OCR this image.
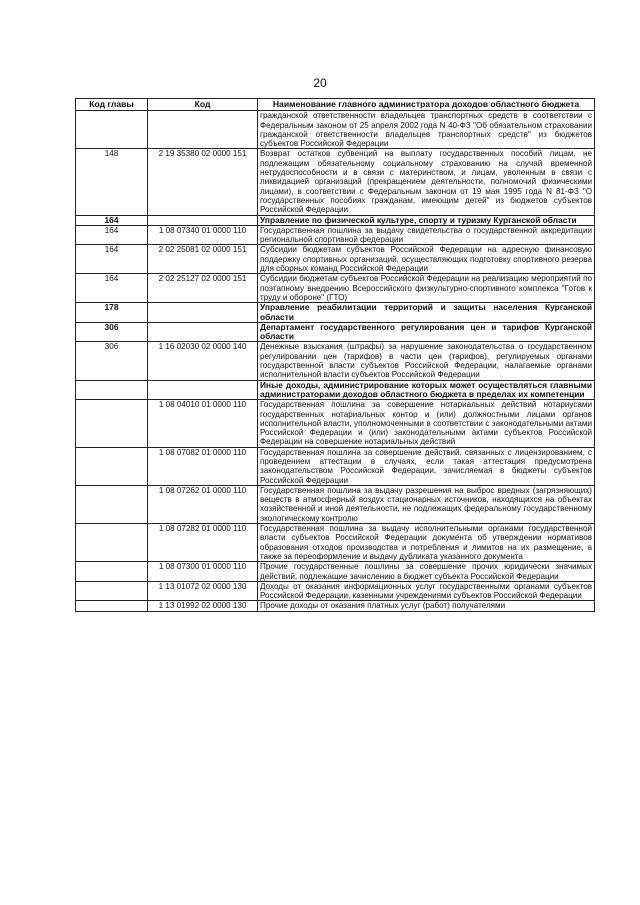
20
Код главы	Код	Наименование главного администратора доходов областного бюджета
		гражданской ответственности владельцев транспортных средств в соответствии с Федеральным законом от 25 апреля 2002 года N 40-ФЗ "Об обязательном страховании гражданской ответственности владельцев транспортных средств" из бюджетов субъектов Российской Федерации
148	2 19 35380 02 0000 151	Возврат остатков субвенций на выплату государственных пособий лицам, не подлежащим обязательному социальному страхованию на случай временной нетрудоспособности и в связи с материнством, и лицам, уволенным в связи с ликвидацией организаций (прекращением деятельности, полномочий физическими лицами), в соответствии с Федеральным законом от 19 мая 1995 года N 81-ФЗ "О государственных пособиях гражданам, имеющим детей" из бюджетов субъектов Российской Федерации
164		Управление по физической культуре, спорту и туризму Курганской области
164	1 08 07340 01 0000 110	Государственная пошлина за выдачу свидетельства о государственной аккредитации региональной спортивной федерации
164	2 02 25081 02 0000 151	Субсидии бюджетам субъектов Российской Федерации на адресную финансовую поддержку спортивных организаций, осуществляющих подготовку спортивного резерва для сборных команд Российской Федерации
164	2 02 25127 02 0000 151	Субсидии бюджетам субъектов Российской Федерации на реализацию мероприятий по поэтапному внедрению Всероссийского физкультурно-спортивного комплекса "Готов к труду и обороне" (ГТО)
178		Управление реабилитации территорий и защиты населения Курганской области
306		Департамент государственного регулирования цен и тарифов Курганской области
306	1 16 02030 02 0000 140	Денежные взыскания (штрафы) за нарушение законодательства о государственном регулировании цен (тарифов) в части цен (тарифов), регулируемых органами государственной власти субъектов Российской Федерации, налагаемые органами исполнительной власти субъектов Российской Федерации
		Иные доходы, администрирование которых может осуществляться главными администраторами доходов областного бюджета в пределах их компетенции
	1 08 04010 01 0000 110	Государственная пошлина за совершение нотариальных действий нотариусами государственных нотариальных контор и (или) должностными лицами органов исполнительной власти, уполномоченными в соответствии с законодательными актами Российской Федерации и (или) законодательными актами субъектов Российской Федерации на совершение нотариальных действий
	1 08 07082 01 0000 110	Государственная пошлина за совершение действий, связанных с лицензированием, с проведением аттестации в случаях, если такая аттестация предусмотрена законодательством Российской Федерации, зачисляемая в бюджеты субъектов Российской Федерации
	1 08 07262 01 0000 110	Государственная пошлина за выдачу разрешения на выброс вредных (загрязняющих) веществ в атмосферный воздух стационарных источников, находящихся на объектах хозяйственной и иной деятельности, не подлежащих федеральному государственному экологическому контролю
	1 08 07282 01 0000 110	Государственная пошлина за выдачу исполнительными органами государственной власти субъектов Российской Федерации документа об утверждении нормативов образования отходов производства и потребления и лимитов на их размещение, а также за переоформление и выдачу дубликата указанного документа
	1 08 07300 01 0000 110	Прочие государственные пошлины за совершение прочих юридически значимых действий, подлежащие зачислению в бюджет субъекта Российской Федерации
	1 13 01072 02 0000 130	Доходы от оказания информационных услуг государственными органами субъектов Российской Федерации, казенными учреждениями субъектов Российской Федерации
	1 13 01992 02 0000 130	Прочие доходы от оказания платных услуг (работ) получателями
